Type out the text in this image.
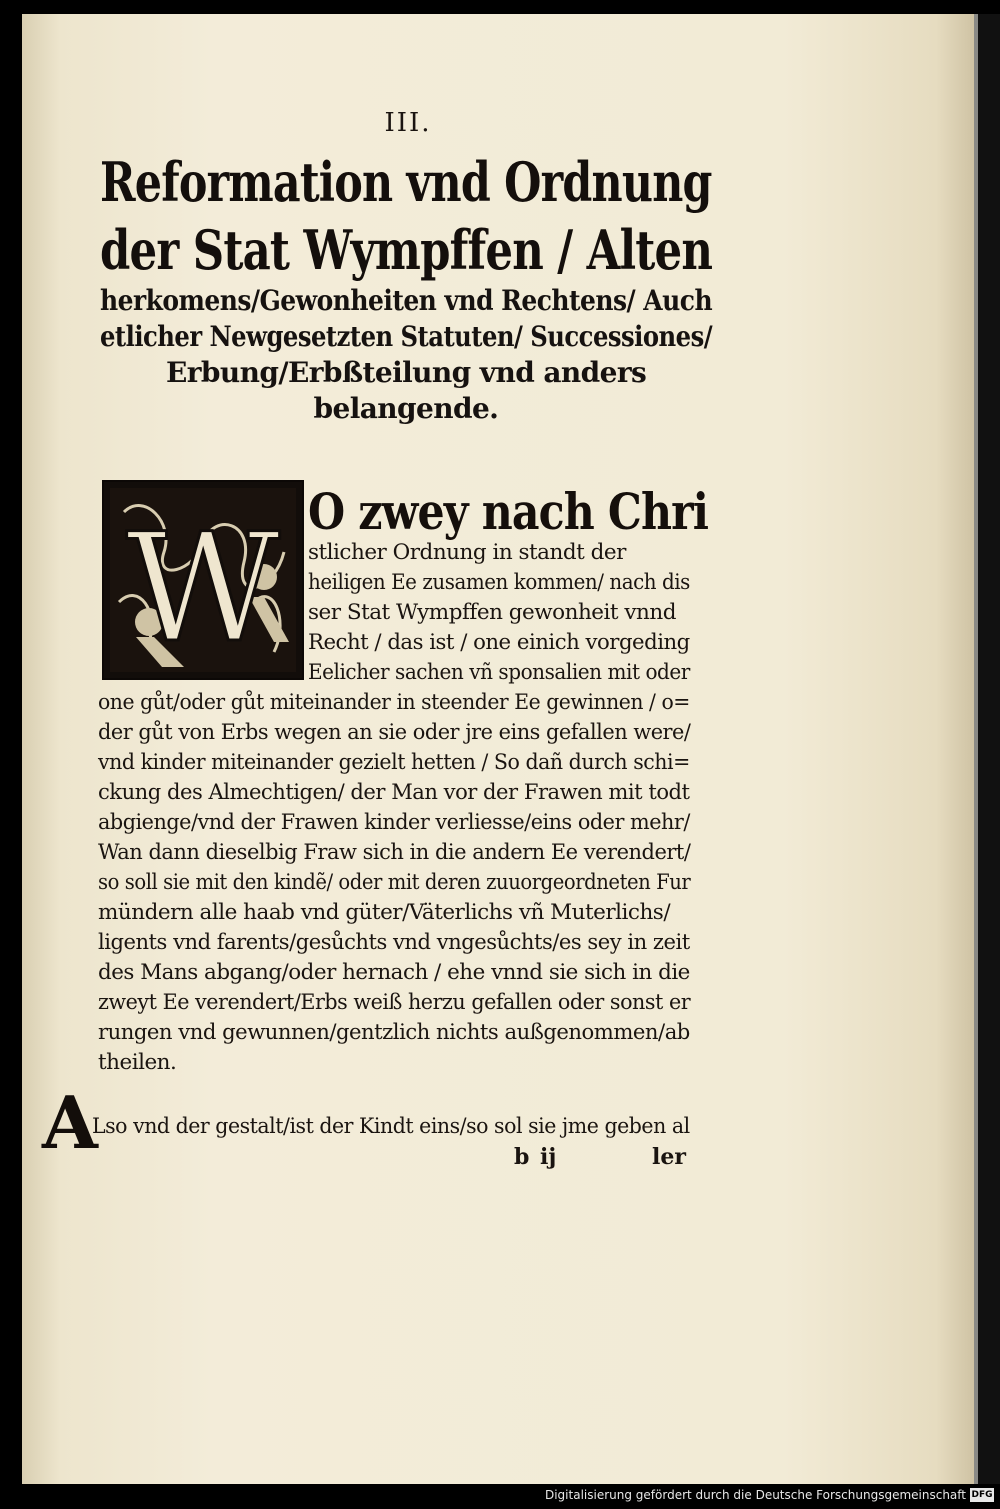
III.
Reformation vnd Ordnung
der Stat Wympffen / Alten
herkomens/Gewonheiten vnd Rechtens/ Auch
etlicher Newgesetzten Statuten/ Successiones/
Erbung/Erbßteilung vnd anders
belangende.
W O zwey nach Chri
stlicher Ordnung in standt der
heiligen Ee zusamen kommen/ nach dis
ser Stat Wympffen gewonheit vnnd
Recht / das ist / one einich vorgeding
Eelicher sachen vñ sponsalien mit oder
one gůt/oder gůt miteinander in steender Ee gewinnen / o=
der gůt von Erbs wegen an sie oder jre eins gefallen were/
vnd kinder miteinander gezielt hetten / So dañ durch schi=
ckung des Almechtigen/ der Man vor der Frawen mit todt
abgienge/vnd der Frawen kinder verliesse/eins oder mehr/
Wan dann dieselbig Fraw sich in die andern Ee verendert/
so soll sie mit den kindẽ/ oder mit deren zuuorgeordneten Fur
mündern alle haab vnd güter/Väterlichs vñ Muterlichs/
ligents vnd farents/gesůchts vnd vngesůchts/es sey in zeit
des Mans abgang/oder hernach / ehe vnnd sie sich in die
zweyt Ee verendert/Erbs weiß herzu gefallen oder sonst er
rungen vnd gewunnen/gentzlich nichts außgenommen/ab
theilen.
A
Lso vnd der gestalt/ist der Kindt eins/so sol sie jme geben al
b ij	ler
Digitalisierung gefördert durch die Deutsche Forschungsgemeinschaft DFG
